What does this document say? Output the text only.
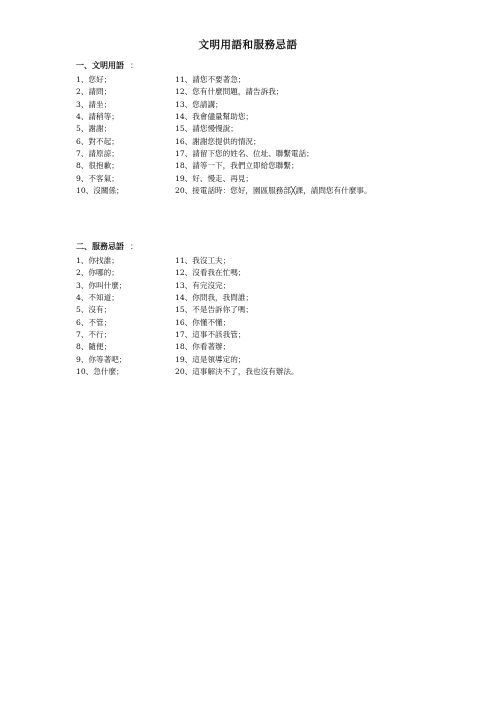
文明用語和服務忌語
一、文明用語 ：
1、您好；	11、請您不要著急；
2、請問；	12、您有什麼問題，請告訴我；
3、請坐；	13、您請講；
4、請稍等；	14、我會儘量幫助您；
5、謝謝；	15、請您慢慢說；
6、對不起；	16、謝謝您提供的情況；
7、請原諒；	17、請留下您的姓名、位址、聯繫電話；
8、很抱歉；	18、請等一下，我們立即給您聯繫；
9、不客氣；	19、好、慢走、再見；
10、沒關係；	20、接電話時：您好，園區服務部╳課，請問您有什麼事。
二、服務忌語 ：
1、你找誰；	11、我沒工夫；
2、你哪的；	12、沒看我在忙嗎；
3、你叫什麼；	13、有完沒完；
4、不知道；	14、你問我，我問誰；
5、沒有；	15、不是告訴你了嗎；
6、不管；	16、你懂不懂；
7、不行；	17、這事不該我管；
8、隨便；	18、你看著辦；
9、你等著吧；	19、這是領導定的；
10、急什麼；	20、這事解決不了，我也沒有辦法。
